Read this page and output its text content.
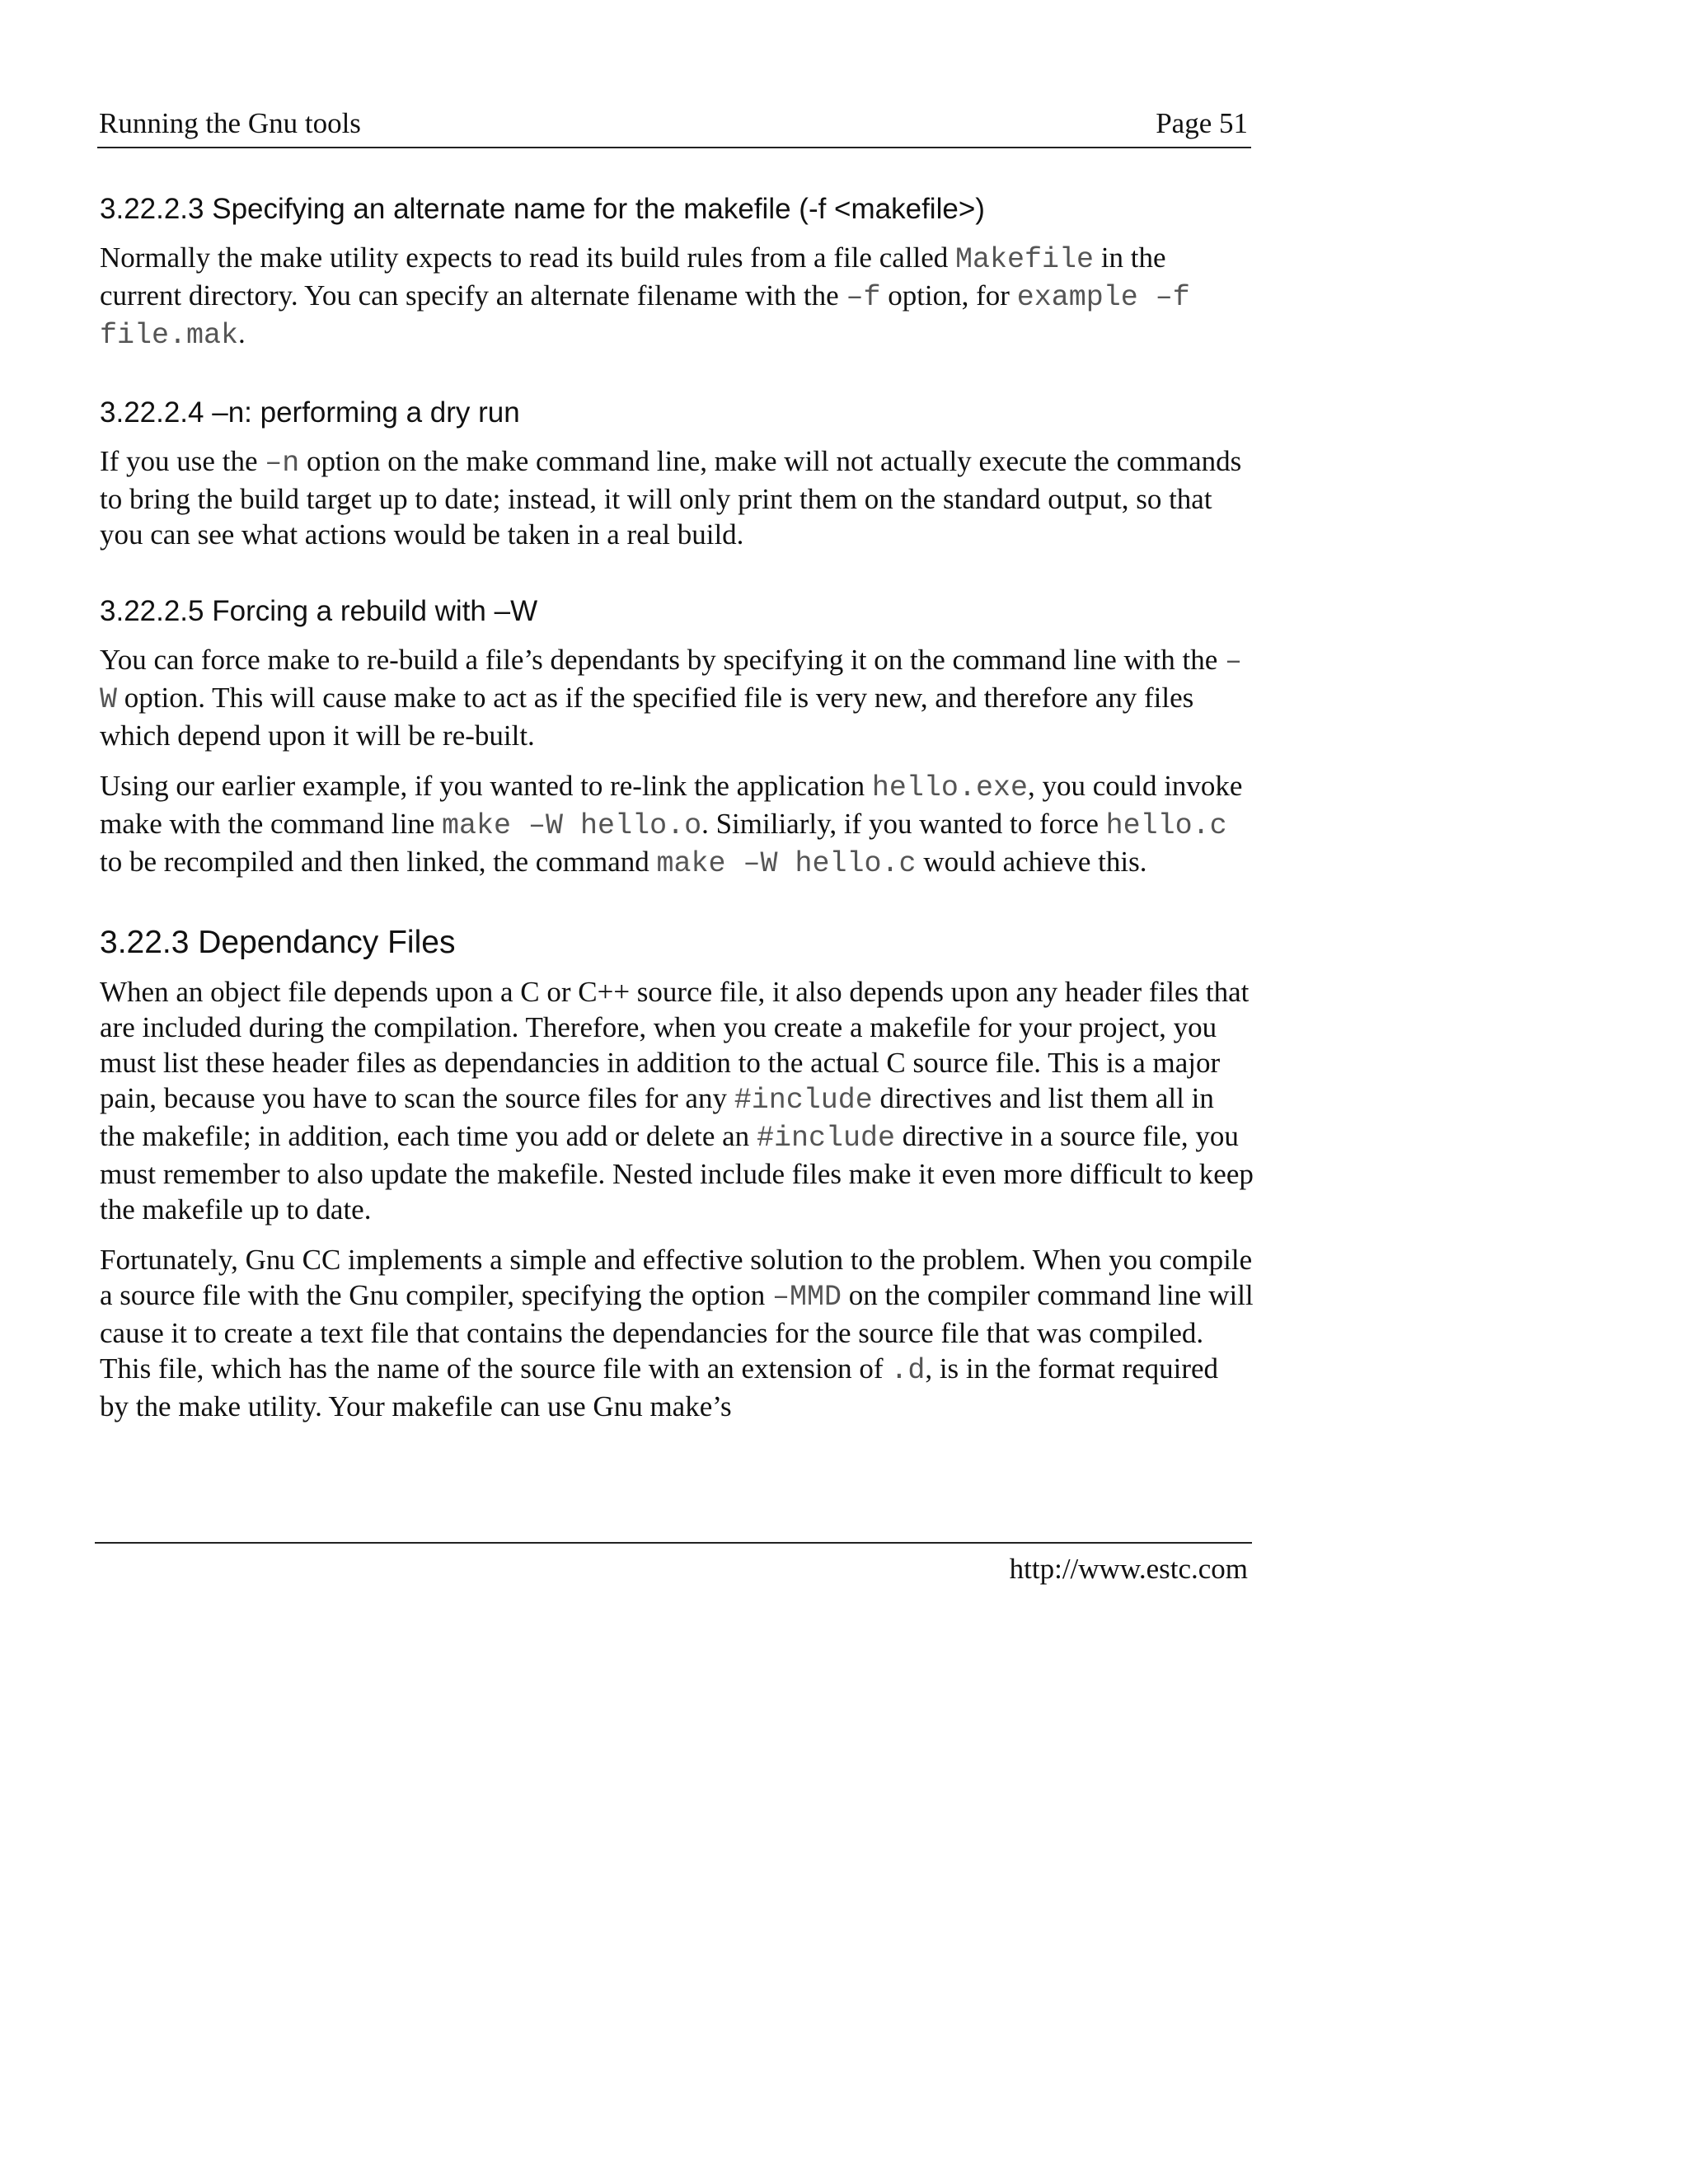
Running the Gnu tools	Page 51
3.22.2.3 Specifying an alternate name for the makefile (-f <makefile>)

Normally the make utility expects to read its build rules from a file called Makefile in the current directory. You can specify an alternate filename with the –f option, for example –f file.mak.

3.22.2.4 –n: performing a dry run

If you use the –n option on the make command line, make will not actually execute the commands to bring the build target up to date; instead, it will only print them on the standard output, so that you can see what actions would be taken in a real build.

3.22.2.5 Forcing a rebuild with –W

You can force make to re-build a file’s dependants by specifying it on the command line with the –W option. This will cause make to act as if the specified file is very new, and therefore any files which depend upon it will be re-built.

Using our earlier example, if you wanted to re-link the application hello.exe, you could invoke make with the command line make –W hello.o. Similiarly, if you wanted to force hello.c to be recompiled and then linked, the command make –W hello.c would achieve this.

3.22.3 Dependancy Files

When an object file depends upon a C or C++ source file, it also depends upon any header files that are included during the compilation. Therefore, when you create a makefile for your project, you must list these header files as dependancies in addition to the actual C source file. This is a major pain, because you have to scan the source files for any #include directives and list them all in the makefile; in addition, each time you add or delete an #include directive in a source file, you must remember to also update the makefile. Nested include files make it even more difficult to keep the makefile up to date.

Fortunately, Gnu CC implements a simple and effective solution to the problem. When you compile a source file with the Gnu compiler, specifying the option –MMD on the compiler command line will cause it to create a text file that contains the dependancies for the source file that was compiled. This file, which has the name of the source file with an extension of .d, is in the format required by the make utility. Your makefile can use Gnu make’s

http://www.estc.com
